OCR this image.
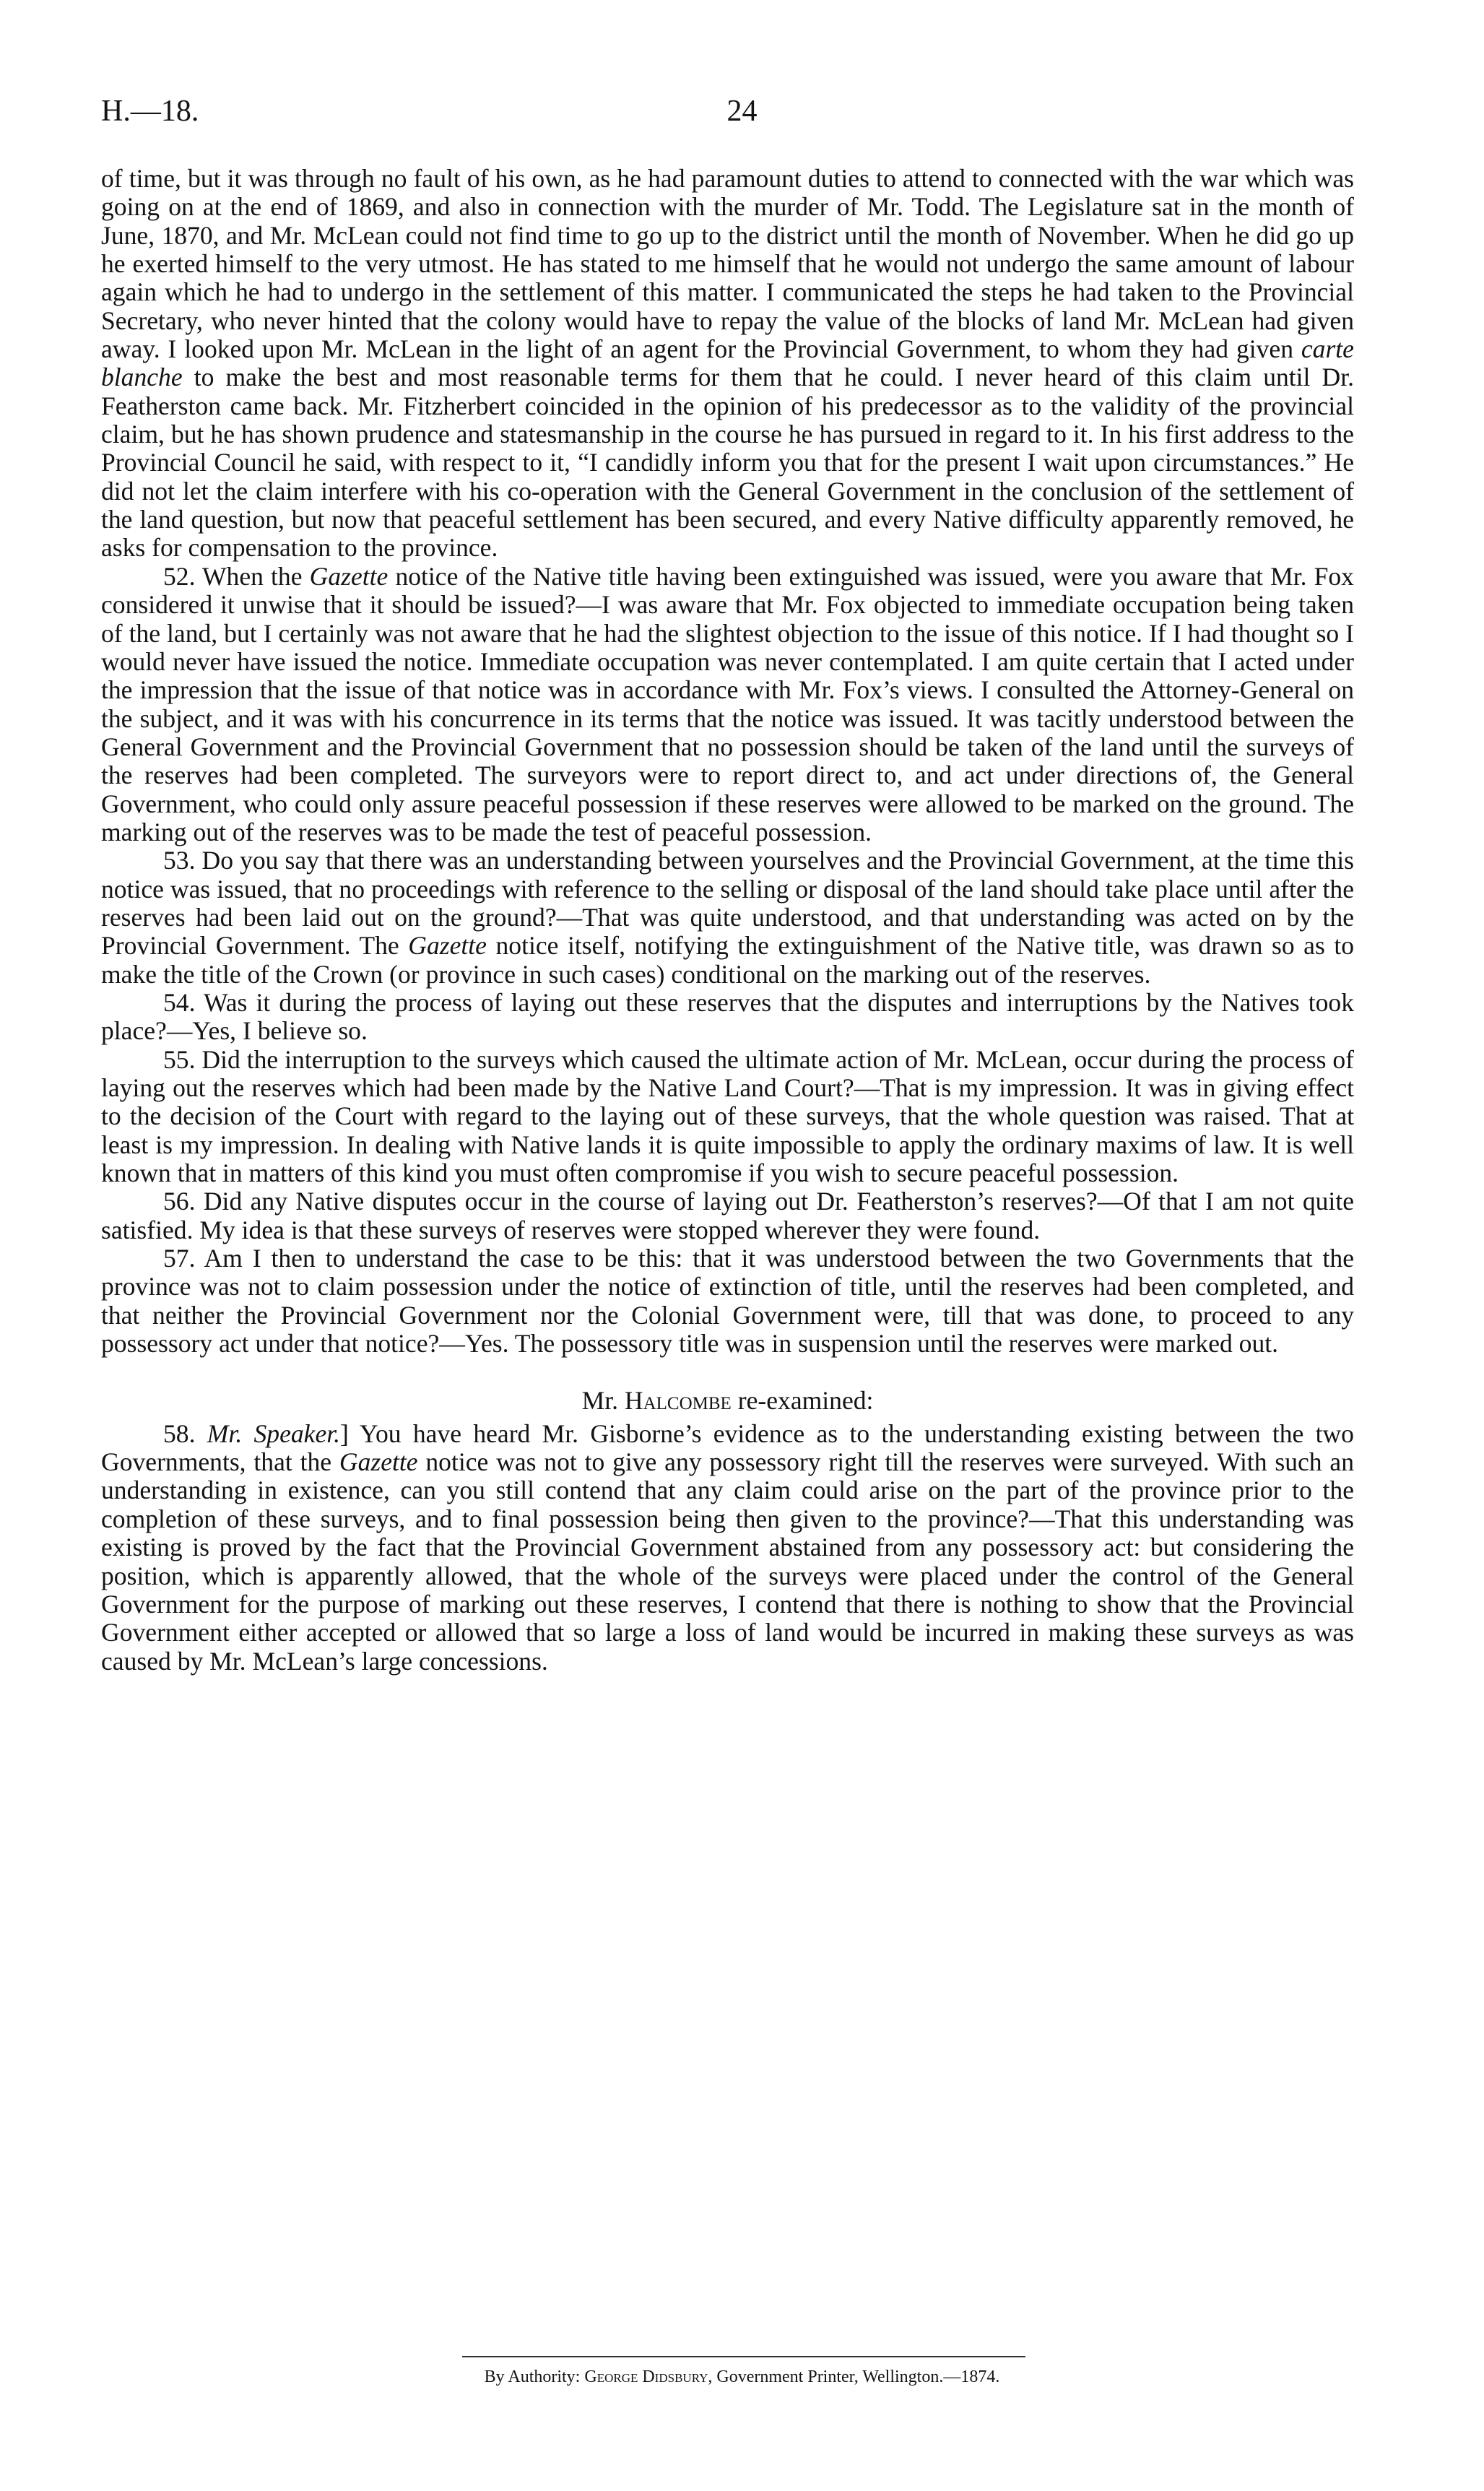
H.—18.	24

of time, but it was through no fault of his own, as he had paramount duties to attend to connected with the war which was going on at the end of 1869, and also in connection with the murder of Mr. Todd. The Legislature sat in the month of June, 1870, and Mr. McLean could not find time to go up to the district until the month of November. When he did go up he exerted himself to the very utmost. He has stated to me himself that he would not undergo the same amount of labour again which he had to undergo in the settlement of this matter. I communicated the steps he had taken to the Provincial Secretary, who never hinted that the colony would have to repay the value of the blocks of land Mr. McLean had given away. I looked upon Mr. McLean in the light of an agent for the Provincial Government, to whom they had given carte blanche to make the best and most reasonable terms for them that he could. I never heard of this claim until Dr. Featherston came back. Mr. Fitzherbert coincided in the opinion of his predecessor as to the validity of the provincial claim, but he has shown prudence and statesmanship in the course he has pursued in regard to it. In his first address to the Provincial Council he said, with respect to it, “I candidly inform you that for the present I wait upon circumstances.” He did not let the claim interfere with his co-operation with the General Government in the conclusion of the settlement of the land question, but now that peaceful settlement has been secured, and every Native difficulty apparently removed, he asks for compensation to the province.

52. When the Gazette notice of the Native title having been extinguished was issued, were you aware that Mr. Fox considered it unwise that it should be issued?—I was aware that Mr. Fox objected to immediate occupation being taken of the land, but I certainly was not aware that he had the slightest objection to the issue of this notice. If I had thought so I would never have issued the notice. Immediate occupation was never contemplated. I am quite certain that I acted under the impression that the issue of that notice was in accordance with Mr. Fox’s views. I consulted the Attorney-General on the subject, and it was with his concurrence in its terms that the notice was issued. It was tacitly understood between the General Government and the Provincial Government that no possession should be taken of the land until the surveys of the reserves had been completed. The surveyors were to report direct to, and act under directions of, the General Government, who could only assure peaceful possession if these reserves were allowed to be marked on the ground. The marking out of the reserves was to be made the test of peaceful possession.

53. Do you say that there was an understanding between yourselves and the Provincial Government, at the time this notice was issued, that no proceedings with reference to the selling or disposal of the land should take place until after the reserves had been laid out on the ground?—That was quite understood, and that understanding was acted on by the Provincial Government. The Gazette notice itself, notifying the extinguishment of the Native title, was drawn so as to make the title of the Crown (or province in such cases) conditional on the marking out of the reserves.

54. Was it during the process of laying out these reserves that the disputes and interruptions by the Natives took place?—Yes, I believe so.

55. Did the interruption to the surveys which caused the ultimate action of Mr. McLean, occur during the process of laying out the reserves which had been made by the Native Land Court?—That is my impression. It was in giving effect to the decision of the Court with regard to the laying out of these surveys, that the whole question was raised. That at least is my impression. In dealing with Native lands it is quite impossible to apply the ordinary maxims of law. It is well known that in matters of this kind you must often compromise if you wish to secure peaceful possession.

56. Did any Native disputes occur in the course of laying out Dr. Featherston’s reserves?—Of that I am not quite satisfied. My idea is that these surveys of reserves were stopped wherever they were found.

57. Am I then to understand the case to be this: that it was understood between the two Governments that the province was not to claim possession under the notice of extinction of title, until the reserves had been completed, and that neither the Provincial Government nor the Colonial Government were, till that was done, to proceed to any possessory act under that notice?—Yes. The possessory title was in suspension until the reserves were marked out.

Mr. Halcombe re-examined:

58. Mr. Speaker.] You have heard Mr. Gisborne’s evidence as to the understanding existing between the two Governments, that the Gazette notice was not to give any possessory right till the reserves were surveyed. With such an understanding in existence, can you still contend that any claim could arise on the part of the province prior to the completion of these surveys, and to final possession being then given to the province?—That this understanding was existing is proved by the fact that the Provincial Government abstained from any possessory act: but considering the position, which is apparently allowed, that the whole of the surveys were placed under the control of the General Government for the purpose of marking out these reserves, I contend that there is nothing to show that the Provincial Government either accepted or allowed that so large a loss of land would be incurred in making these surveys as was caused by Mr. McLean’s large concessions.

By Authority: George Didsbury, Government Printer, Wellington.—1874.
